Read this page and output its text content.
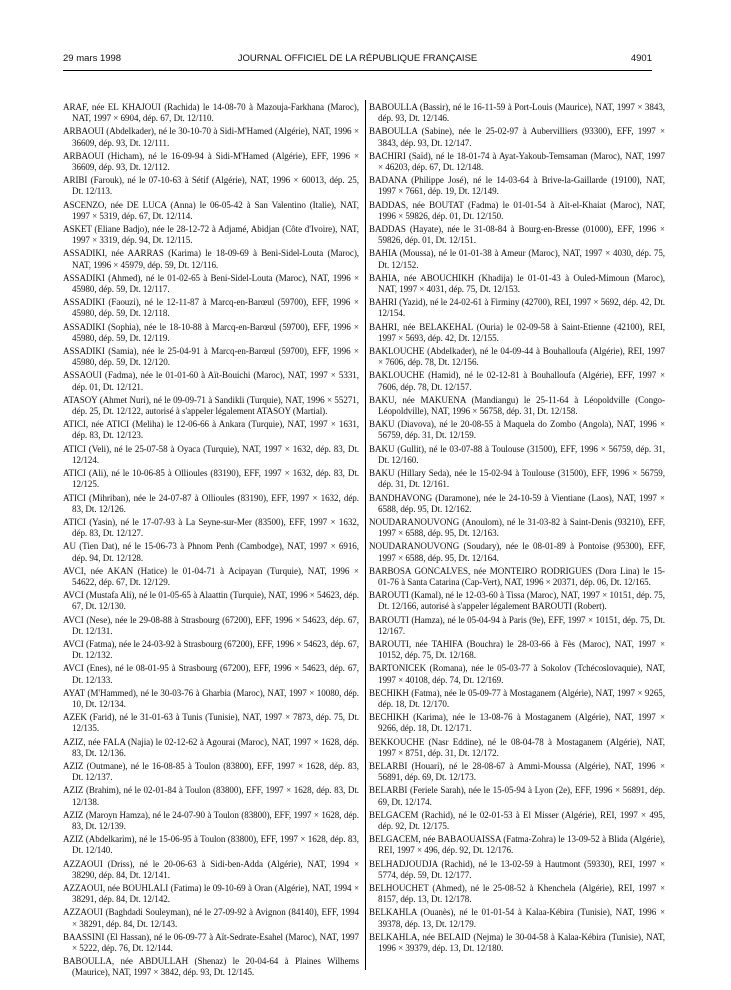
29 mars 1998	JOURNAL OFFICIEL DE LA RÉPUBLIQUE FRANÇAISE	4901
ARAF, née EL KHAJOUI (Rachida) le 14-08-70 à Mazouja-Farkhana (Maroc), NAT, 1997 × 6904, dép. 67, Dt. 12/110.
ARBAOUI (Abdelkader), né le 30-10-70 à Sidi-M'Hamed (Algérie), NAT, 1996 × 36609, dép. 93, Dt. 12/111.
ARBAOUI (Hicham), né le 16-09-94 à Sidi-M'Hamed (Algérie), EFF, 1996 × 36609, dép. 93, Dt. 12/112.
ARIBI (Farouk), né le 07-10-63 à Sétif (Algérie), NAT, 1996 × 60013, dép. 25, Dt. 12/113.
ASCENZO, née DE LUCA (Anna) le 06-05-42 à San Valentino (Italie), NAT, 1997 × 5319, dép. 67, Dt. 12/114.
ASKET (Eliane Badjo), née le 28-12-72 à Adjamé, Abidjan (Côte d'Ivoire), NAT, 1997 × 3319, dép. 94, Dt. 12/115.
ASSADIKI, née AARRAS (Karima) le 18-09-69 à Beni-Sidel-Louta (Maroc), NAT, 1996 × 45979, dép. 59, Dt. 12/116.
ASSADIKI (Ahmed), né le 01-02-65 à Beni-Sidel-Louta (Maroc), NAT, 1996 × 45980, dép. 59, Dt. 12/117.
ASSADIKI (Faouzi), né le 12-11-87 à Marcq-en-Barœul (59700), EFF, 1996 × 45980, dép. 59, Dt. 12/118.
ASSADIKI (Sophia), née le 18-10-88 à Marcq-en-Barœul (59700), EFF, 1996 × 45980, dép. 59, Dt. 12/119.
ASSADIKI (Samia), née le 25-04-91 à Marcq-en-Barœul (59700), EFF, 1996 × 45980, dép. 59, Dt. 12/120.
ASSAOUI (Fadma), née le 01-01-60 à Aït-Bouichi (Maroc), NAT, 1997 × 5331, dép. 01, Dt. 12/121.
ATASOY (Ahmet Nuri), né le 09-09-71 à Sandikli (Turquie), NAT, 1996 × 55271, dép. 25, Dt. 12/122, autorisé à s'appeler légalement ATASOY (Martial).
ATICI, née ATICI (Meliha) le 12-06-66 à Ankara (Turquie), NAT, 1997 × 1631, dép. 83, Dt. 12/123.
ATICI (Veli), né le 25-07-58 à Oyaca (Turquie), NAT, 1997 × 1632, dép. 83, Dt. 12/124.
ATICI (Ali), né le 10-06-85 à Ollioules (83190), EFF, 1997 × 1632, dép. 83, Dt. 12/125.
ATICI (Mihriban), née le 24-07-87 à Ollioules (83190), EFF, 1997 × 1632, dép. 83, Dt. 12/126.
ATICI (Yasin), né le 17-07-93 à La Seyne-sur-Mer (83500), EFF, 1997 × 1632, dép. 83, Dt. 12/127.
AU (Tien Dat), né le 15-06-73 à Phnom Penh (Cambodge), NAT, 1997 × 6916, dép. 94, Dt. 12/128.
AVCI, née AKAN (Hatice) le 01-04-71 à Acipayan (Turquie), NAT, 1996 × 54622, dép. 67, Dt. 12/129.
AVCI (Mustafa Ali), né le 01-05-65 à Alaattin (Turquie), NAT, 1996 × 54623, dép. 67, Dt. 12/130.
AVCI (Nese), née le 29-08-88 à Strasbourg (67200), EFF, 1996 × 54623, dép. 67, Dt. 12/131.
AVCI (Fatma), née le 24-03-92 à Strasbourg (67200), EFF, 1996 × 54623, dép. 67, Dt. 12/132.
AVCI (Enes), né le 08-01-95 à Strasbourg (67200), EFF, 1996 × 54623, dép. 67, Dt. 12/133.
AYAT (M'Hammed), né le 30-03-76 à Gharbia (Maroc), NAT, 1997 × 10080, dép. 10, Dt. 12/134.
AZEK (Farid), né le 31-01-63 à Tunis (Tunisie), NAT, 1997 × 7873, dép. 75, Dt. 12/135.
AZIZ, née FALA (Najia) le 02-12-62 à Agourai (Maroc), NAT, 1997 × 1628, dép. 83, Dt. 12/136.
AZIZ (Outmane), né le 16-08-85 à Toulon (83800), EFF, 1997 × 1628, dép. 83, Dt. 12/137.
AZIZ (Brahim), né le 02-01-84 à Toulon (83800), EFF, 1997 × 1628, dép. 83, Dt. 12/138.
AZIZ (Maroyn Hamza), né le 24-07-90 à Toulon (83800), EFF, 1997 × 1628, dép. 83, Dt. 12/139.
AZIZ (Abdelkarim), né le 15-06-95 à Toulon (83800), EFF, 1997 × 1628, dép. 83, Dt. 12/140.
AZZAOUI (Driss), né le 20-06-63 à Sidi-ben-Adda (Algérie), NAT, 1994 × 38290, dép. 84, Dt. 12/141.
AZZAOUI, née BOUHLALI (Fatima) le 09-10-69 à Oran (Algérie), NAT, 1994 × 38291, dép. 84, Dt. 12/142.
AZZAOUI (Baghdadi Souleyman), né le 27-09-92 à Avignon (84140), EFF, 1994 × 38291, dép. 84, Dt. 12/143.
BAASSINI (El Hassan), né le 06-09-77 à Aït-Sedrate-Esahel (Maroc), NAT, 1997 × 5222, dép. 76, Dt. 12/144.
BABOULLA, née ABDULLAH (Shenaz) le 20-04-64 à Plaines Wilhems (Maurice), NAT, 1997 × 3842, dép. 93, Dt. 12/145.
BABOULLA (Bassir), né le 16-11-59 à Port-Louis (Maurice), NAT, 1997 × 3843, dép. 93, Dt. 12/146.
BABOULLA (Sabine), née le 25-02-97 à Aubervilliers (93300), EFF, 1997 × 3843, dép. 93, Dt. 12/147.
BACHIRI (Saïd), né le 18-01-74 à Ayat-Yakoub-Temsaman (Maroc), NAT, 1997 × 46203, dép. 67, Dt. 12/148.
BADANA (Philippe José), né le 14-03-64 à Brive-la-Gaillarde (19100), NAT, 1997 × 7661, dép. 19, Dt. 12/149.
BADDAS, née BOUTAT (Fadma) le 01-01-54 à Aït-el-Khaiat (Maroc), NAT, 1996 × 59826, dép. 01, Dt. 12/150.
BADDAS (Hayate), née le 31-08-84 à Bourg-en-Bresse (01000), EFF, 1996 × 59826, dép. 01, Dt. 12/151.
BAHIA (Moussa), né le 01-01-38 à Ameur (Maroc), NAT, 1997 × 4030, dép. 75, Dt. 12/152.
BAHIA, née ABOUCHIKH (Khadija) le 01-01-43 à Ouled-Mimoun (Maroc), NAT, 1997 × 4031, dép. 75, Dt. 12/153.
BAHRI (Yazid), né le 24-02-61 à Firminy (42700), REI, 1997 × 5692, dép. 42, Dt. 12/154.
BAHRI, née BELAKEHAL (Ouria) le 02-09-58 à Saint-Etienne (42100), REI, 1997 × 5693, dép. 42, Dt. 12/155.
BAKLOUCHE (Abdelkader), né le 04-09-44 à Bouhalloufa (Algérie), REI, 1997 × 7606, dép. 78, Dt. 12/156.
BAKLOUCHE (Hamid), né le 02-12-81 à Bouhalloufa (Algérie), EFF, 1997 × 7606, dép. 78, Dt. 12/157.
BAKU, née MAKUENA (Mandiangu) le 25-11-64 à Léopoldville (Congo-Léopoldville), NAT, 1996 × 56758, dép. 31, Dt. 12/158.
BAKU (Diavova), né le 20-08-55 à Maquela do Zombo (Angola), NAT, 1996 × 56759, dép. 31, Dt. 12/159.
BAKU (Gullit), né le 03-07-88 à Toulouse (31500), EFF, 1996 × 56759, dép. 31, Dt. 12/160.
BAKU (Hillary Seda), née le 15-02-94 à Toulouse (31500), EFF, 1996 × 56759, dép. 31, Dt. 12/161.
BANDHAVONG (Daramone), née le 24-10-59 à Vientiane (Laos), NAT, 1997 × 6588, dép. 95, Dt. 12/162.
NOUDARANOUVONG (Anoulom), né le 31-03-82 à Saint-Denis (93210), EFF, 1997 × 6588, dép. 95, Dt. 12/163.
NOUDARANOUVONG (Soudary), née le 08-01-89 à Pontoise (95300), EFF, 1997 × 6588, dép. 95, Dt. 12/164.
BARBOSA GONCALVES, née MONTEIRO RODRIGUES (Dora Lina) le 15-01-76 à Santa Catarina (Cap-Vert), NAT, 1996 × 20371, dép. 06, Dt. 12/165.
BAROUTI (Kamal), né le 12-03-60 à Tissa (Maroc), NAT, 1997 × 10151, dép. 75, Dt. 12/166, autorisé à s'appeler légalement BAROUTI (Robert).
BAROUTI (Hamza), né le 05-04-94 à Paris (9e), EFF, 1997 × 10151, dép. 75, Dt. 12/167.
BAROUTI, née TAHIFA (Bouchra) le 28-03-66 à Fès (Maroc), NAT, 1997 × 10152, dép. 75, Dt. 12/168.
BARTONICEK (Romana), née le 05-03-77 à Sokolov (Tchécoslovaquie), NAT, 1997 × 40108, dép. 74, Dt. 12/169.
BECHIKH (Fatma), née le 05-09-77 à Mostaganem (Algérie), NAT, 1997 × 9265, dép. 18, Dt. 12/170.
BECHIKH (Karima), née le 13-08-76 à Mostaganem (Algérie), NAT, 1997 × 9266, dép. 18, Dt. 12/171.
BEKKOUCHE (Nasr Eddine), né le 08-04-78 à Mostaganem (Algérie), NAT, 1997 × 8751, dép. 31, Dt. 12/172.
BELARBI (Houari), né le 28-08-67 à Ammi-Moussa (Algérie), NAT, 1996 × 56891, dép. 69, Dt. 12/173.
BELARBI (Feriele Sarah), née le 15-05-94 à Lyon (2e), EFF, 1996 × 56891, dép. 69, Dt. 12/174.
BELGACEM (Rachid), né le 02-01-53 à El Misser (Algérie), REI, 1997 × 495, dép. 92, Dt. 12/175.
BELGACEM, née BABAOUAISSA (Fatma-Zohra) le 13-09-52 à Blida (Algérie), REI, 1997 × 496, dép. 92, Dt. 12/176.
BELHADJOUDJA (Rachid), né le 13-02-59 à Hautmont (59330), REI, 1997 × 5774, dép. 59, Dt. 12/177.
BELHOUCHET (Ahmed), né le 25-08-52 à Khenchela (Algérie), REI, 1997 × 8157, dép. 13, Dt. 12/178.
BELKAHLA (Ouanès), né le 01-01-54 à Kalaa-Kébira (Tunisie), NAT, 1996 × 39378, dép. 13, Dt. 12/179.
BELKAHLA, née BELAID (Nejma) le 30-04-58 à Kalaa-Kébira (Tunisie), NAT, 1996 × 39379, dép. 13, Dt. 12/180.
